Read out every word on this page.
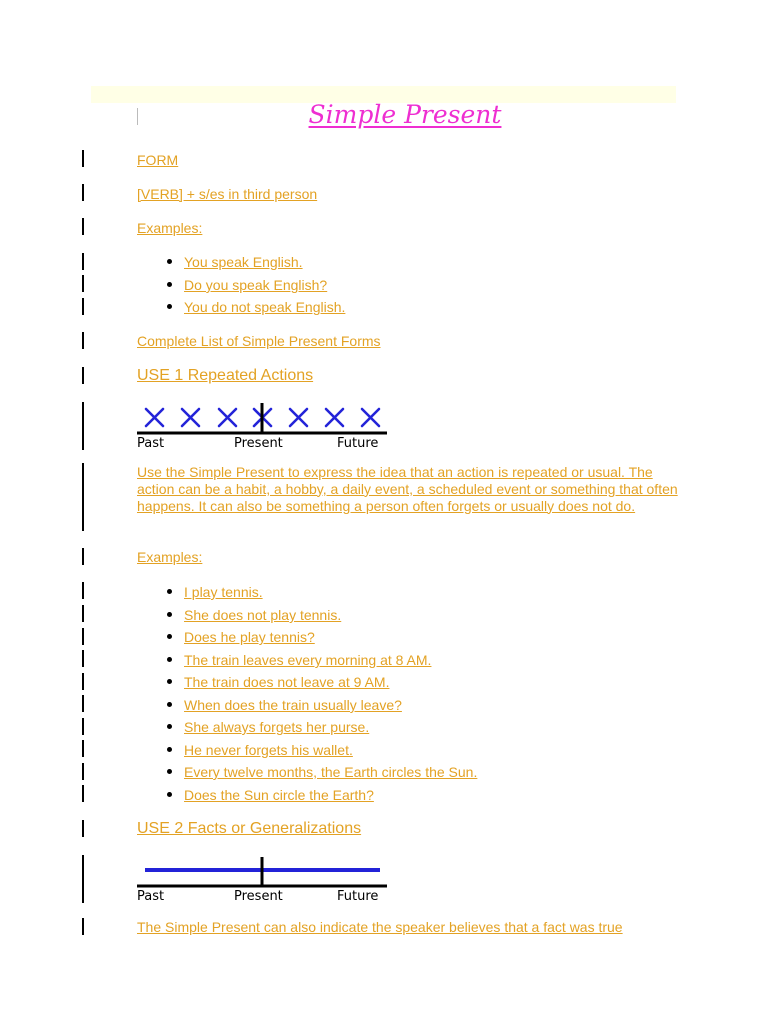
Simple Present
FORM
[VERB] + s/es in third person
Examples:
You speak English.
Do you speak English?
You do not speak English.
Complete List of Simple Present Forms
USE 1 Repeated Actions
Past	Present	Future
Use the Simple Present to express the idea that an action is repeated or usual. The action can be a habit, a hobby, a daily event, a scheduled event or something that often happens. It can also be something a person often forgets or usually does not do.
Examples:
I play tennis.
She does not play tennis.
Does he play tennis?
The train leaves every morning at 8 AM.
The train does not leave at 9 AM.
When does the train usually leave?
She always forgets her purse.
He never forgets his wallet.
Every twelve months, the Earth circles the Sun.
Does the Sun circle the Earth?
USE 2 Facts or Generalizations
Past	Present	Future
The Simple Present can also indicate the speaker believes that a fact was true
